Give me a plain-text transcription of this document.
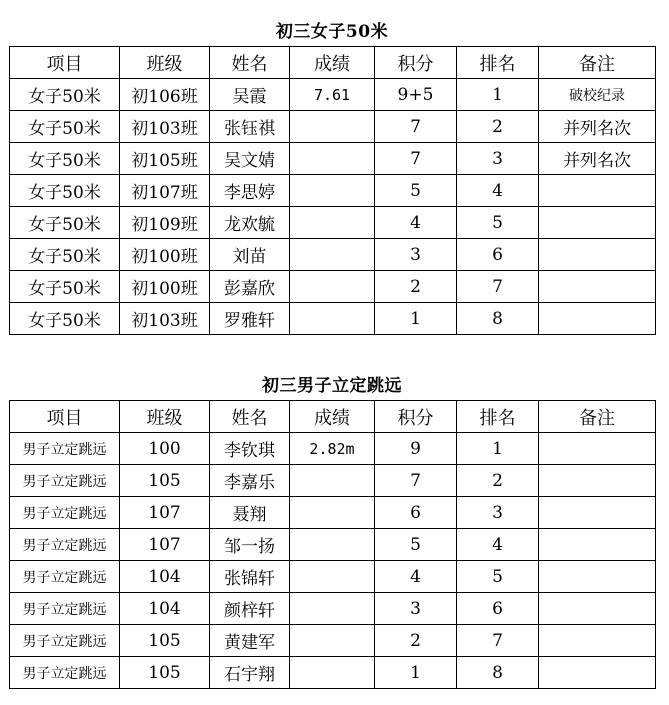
初三女子50米
项目	班级	姓名	成绩	积分	排名	备注
女子50米	初106班	吴霞	7.61	9+5	1	破校纪录
女子50米	初103班	张钰祺		7	2	并列名次
女子50米	初105班	吴文婧		7	3	并列名次
女子50米	初107班	李思婷		5	4	
女子50米	初109班	龙欢毓		4	5	
女子50米	初100班	刘苗		3	6	
女子50米	初100班	彭嘉欣		2	7	
女子50米	初103班	罗雅轩		1	8	
初三男子立定跳远
项目	班级	姓名	成绩	积分	排名	备注
男子立定跳远	100	李钦琪	2.82m	9	1	
男子立定跳远	105	李嘉乐		7	2	
男子立定跳远	107	聂翔		6	3	
男子立定跳远	107	邹一扬		5	4	
男子立定跳远	104	张锦轩		4	5	
男子立定跳远	104	颜梓轩		3	6	
男子立定跳远	105	黄建军		2	7	
男子立定跳远	105	石宇翔		1	8	
